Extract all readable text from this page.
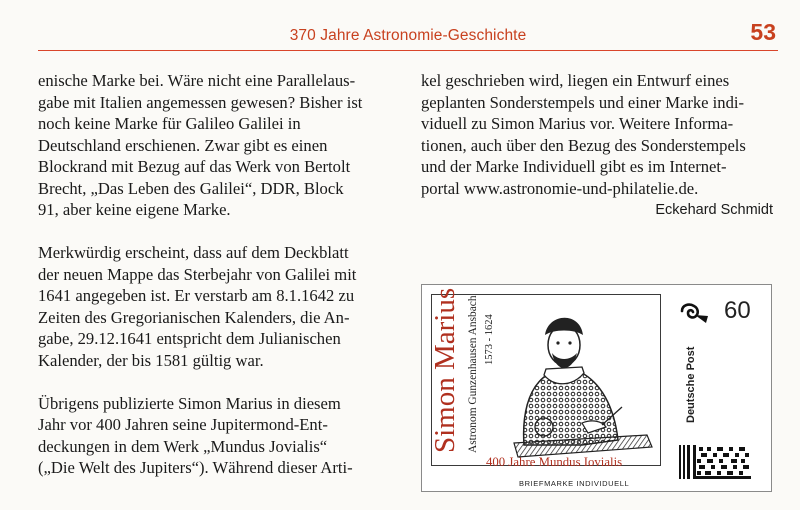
370 Jahre Astronomie-Geschichte	53

enische Marke bei. Wäre nicht eine Parallelaus-
gabe mit Italien angemessen gewesen? Bisher ist
noch keine Marke für Galileo Galilei in
Deutschland erschienen. Zwar gibt es einen
Blockrand mit Bezug auf das Werk von Bertolt
Brecht, „Das Leben des Galilei“, DDR, Block
91, aber keine eigene Marke.

Merkwürdig erscheint, dass auf dem Deckblatt
der neuen Mappe das Sterbejahr von Galilei mit
1641 angegeben ist. Er verstarb am 8.1.1642 zu
Zeiten des Gregorianischen Kalenders, die An-
gabe, 29.12.1641 entspricht dem Julianischen
Kalender, der bis 1581 gültig war.

Übrigens publizierte Simon Marius in diesem
Jahr vor 400 Jahren seine Jupitermond-Ent-
deckungen in dem Werk „Mundus Jovialis“
(„Die Welt des Jupiters“). Während dieser Arti-

kel geschrieben wird, liegen ein Entwurf eines
geplanten Sonderstempels und einer Marke indi-
viduell zu Simon Marius vor. Weitere Informa-
tionen, auch über den Bezug des Sonderstempels
und der Marke Individuell gibt es im Internet-
portal www.astronomie-und-philatelie.de.

Eckehard Schmidt
Simon Marius Astronom Gunzenhausen Ansbach 1573 - 1624
400 Jahre Mundus Iovialis
BRIEFMARKE INDIVIDUELL
60
Deutsche Post
